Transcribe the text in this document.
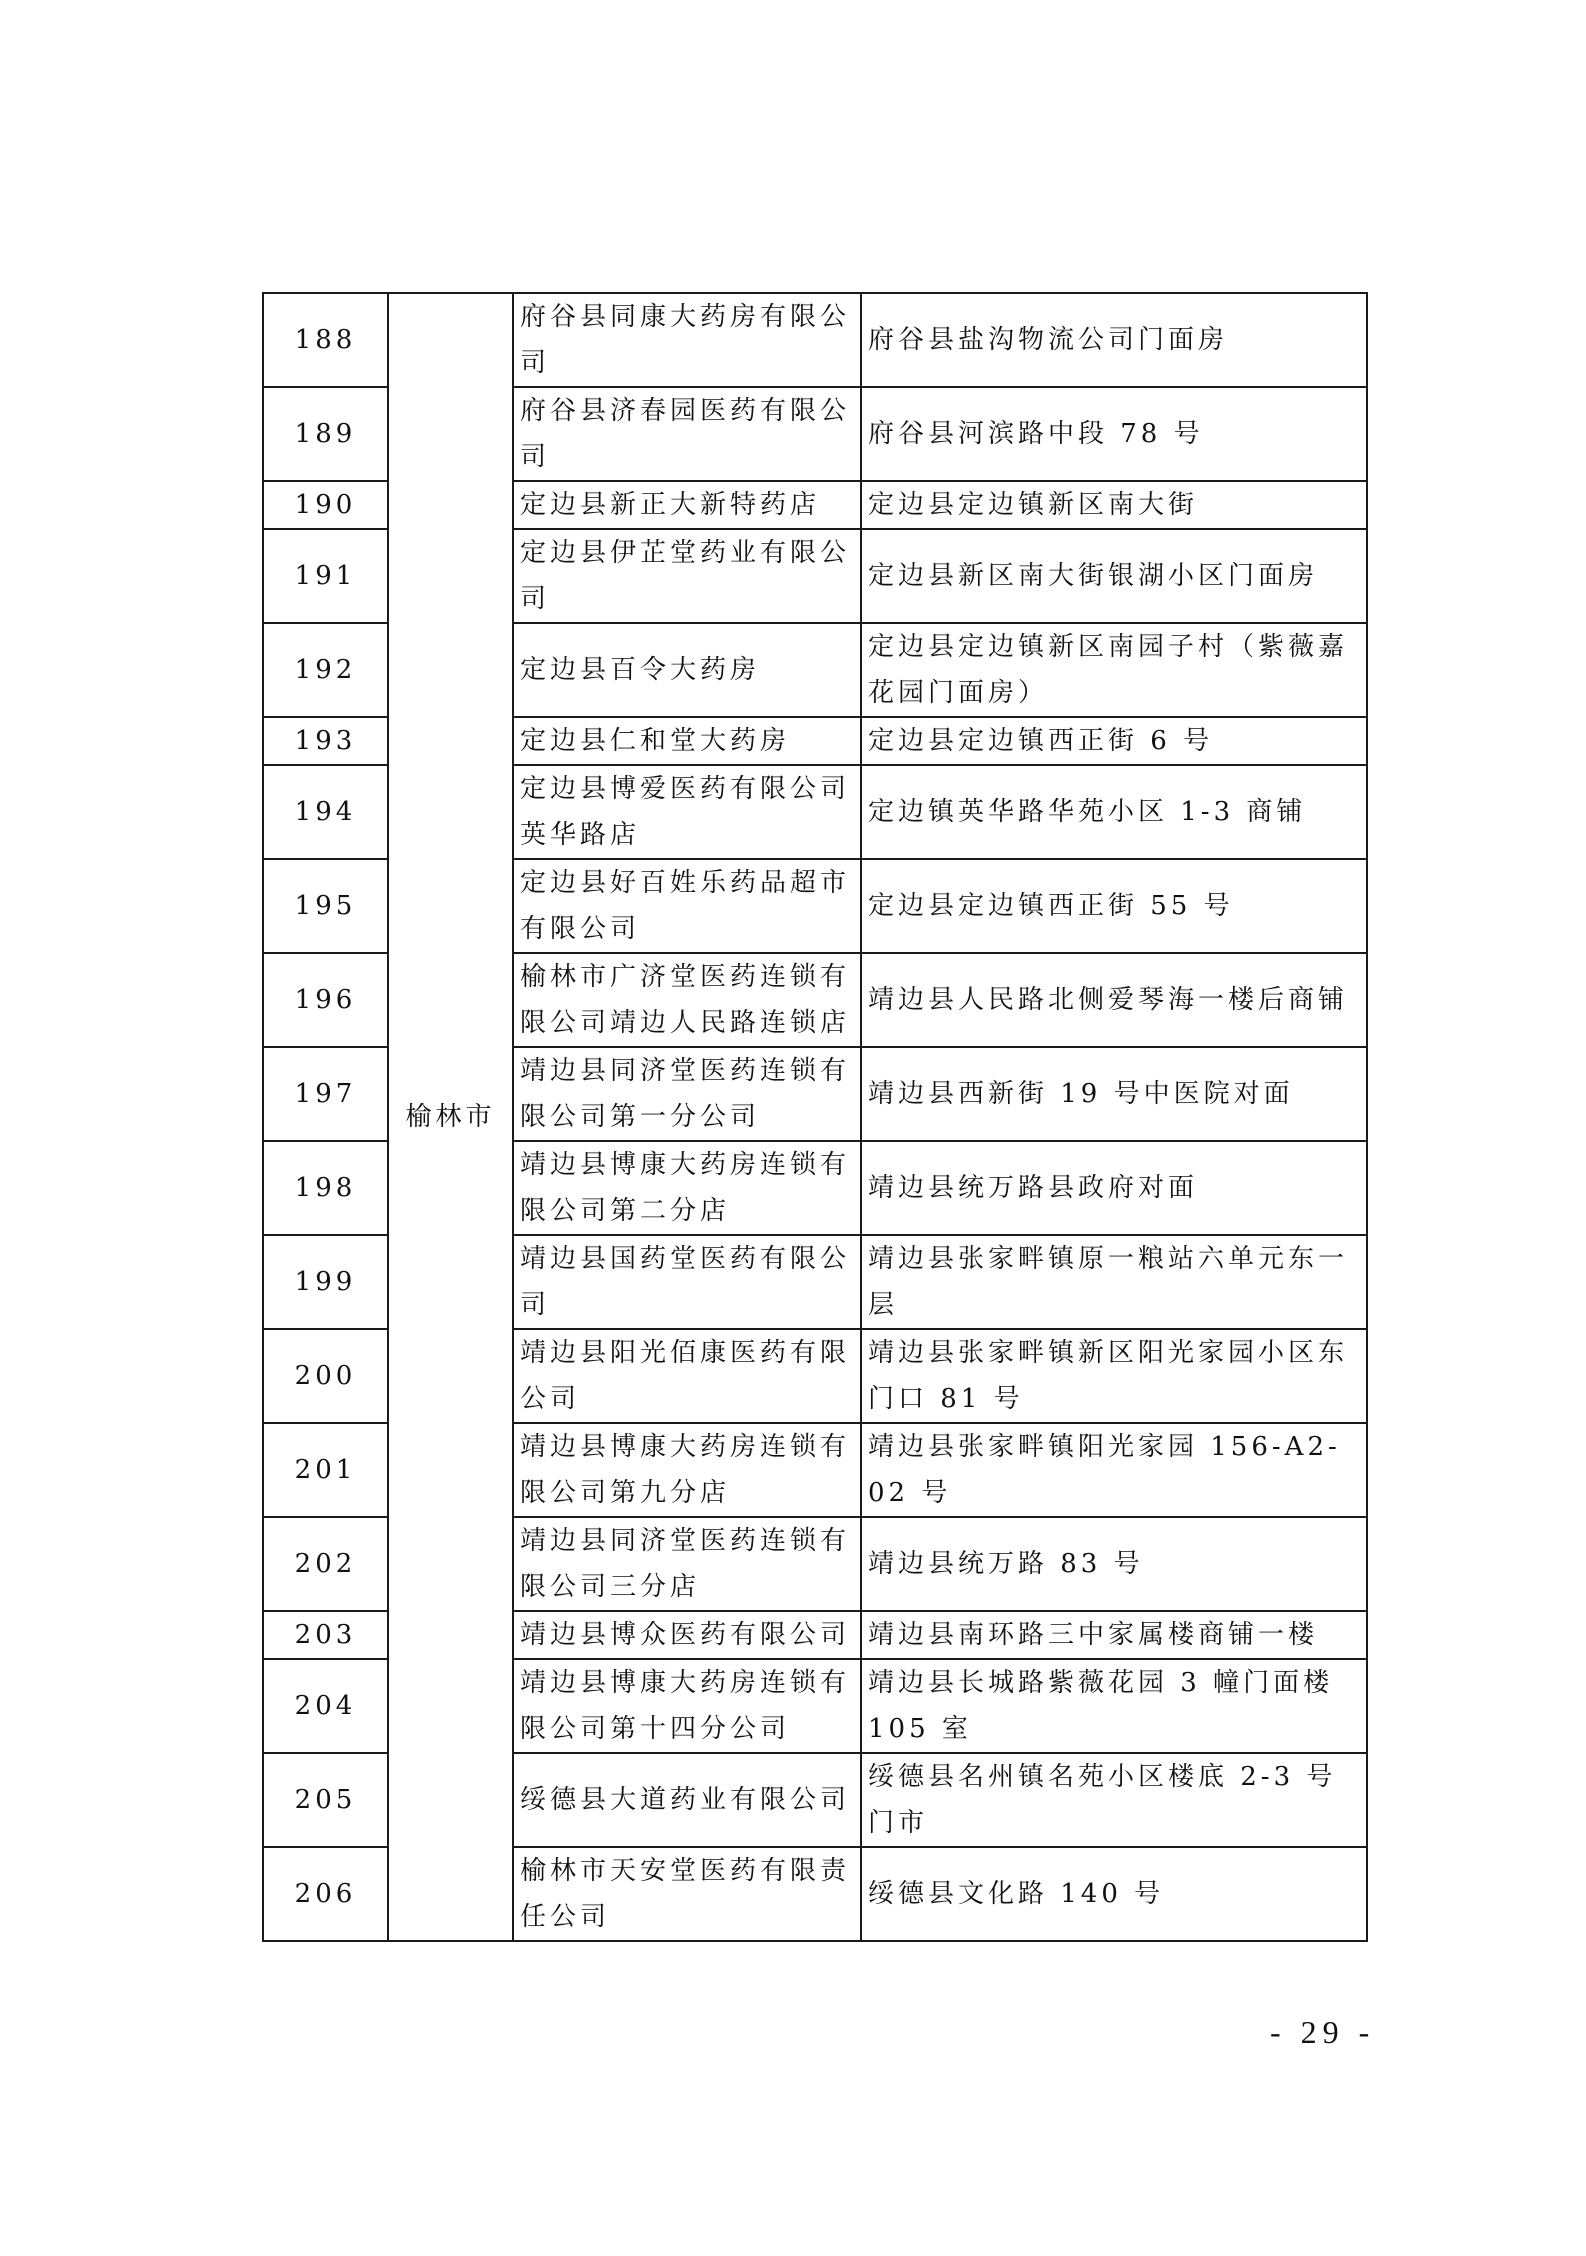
188	榆林市	府谷县同康大药房有限公司	府谷县盐沟物流公司门面房
189		府谷县济春园医药有限公司	府谷县河滨路中段 78 号
190		定边县新正大新特药店	定边县定边镇新区南大街
191		定边县伊芷堂药业有限公司	定边县新区南大街银湖小区门面房
192		定边县百令大药房	定边县定边镇新区南园子村（紫薇嘉花园门面房）
193		定边县仁和堂大药房	定边县定边镇西正街 6 号
194		定边县博爱医药有限公司英华路店	定边镇英华路华苑小区 1-3 商铺
195		定边县好百姓乐药品超市有限公司	定边县定边镇西正街 55 号
196		榆林市广济堂医药连锁有限公司靖边人民路连锁店	靖边县人民路北侧爱琴海一楼后商铺
197		靖边县同济堂医药连锁有限公司第一分公司	靖边县西新街 19 号中医院对面
198		靖边县博康大药房连锁有限公司第二分店	靖边县统万路县政府对面
199		靖边县国药堂医药有限公司	靖边县张家畔镇原一粮站六单元东一层
200		靖边县阳光佰康医药有限公司	靖边县张家畔镇新区阳光家园小区东门口 81 号
201		靖边县博康大药房连锁有限公司第九分店	靖边县张家畔镇阳光家园 156-A2-02 号
202		靖边县同济堂医药连锁有限公司三分店	靖边县统万路 83 号
203		靖边县博众医药有限公司	靖边县南环路三中家属楼商铺一楼
204		靖边县博康大药房连锁有限公司第十四分公司	靖边县长城路紫薇花园 3 幢门面楼 105 室
205		绥德县大道药业有限公司	绥德县名州镇名苑小区楼底 2-3 号门市
206		榆林市天安堂医药有限责任公司	绥德县文化路 140 号
- 29 -
